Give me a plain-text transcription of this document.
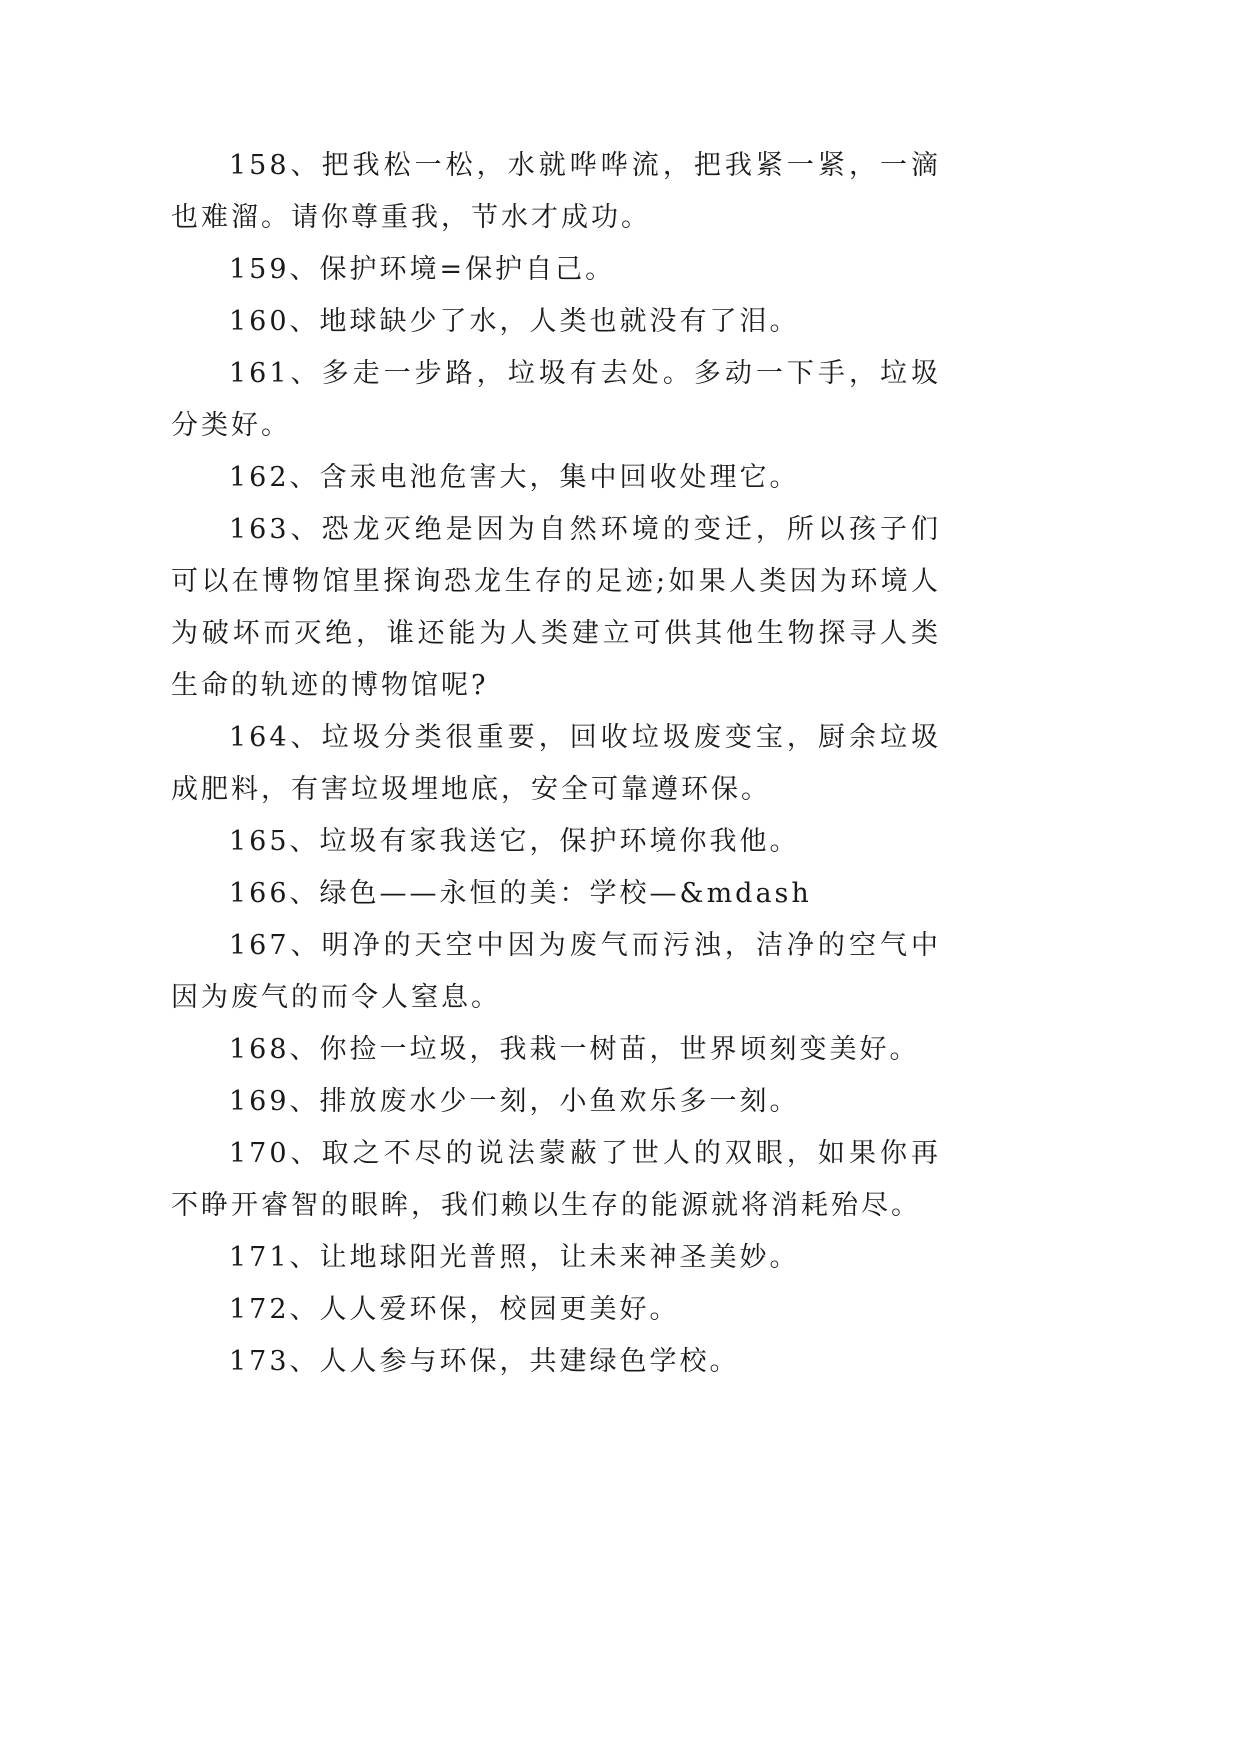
158、把我松一松，水就哗哗流，把我紧一紧，一滴也难溜。请你尊重我，节水才成功。

159、保护环境=保护自己。

160、地球缺少了水，人类也就没有了泪。

161、多走一步路，垃圾有去处。多动一下手，垃圾分类好。

162、含汞电池危害大，集中回收处理它。

163、恐龙灭绝是因为自然环境的变迁，所以孩子们可以在博物馆里探询恐龙生存的足迹;如果人类因为环境人为破坏而灭绝，谁还能为人类建立可供其他生物探寻人类生命的轨迹的博物馆呢?

164、垃圾分类很重要，回收垃圾废变宝，厨余垃圾成肥料，有害垃圾埋地底，安全可靠遵环保。

165、垃圾有家我送它，保护环境你我他。

166、绿色——永恒的美：学校—&mdash

167、明净的天空中因为废气而污浊，洁净的空气中因为废气的而令人窒息。

168、你捡一垃圾，我栽一树苗，世界顷刻变美好。

169、排放废水少一刻，小鱼欢乐多一刻。

170、取之不尽的说法蒙蔽了世人的双眼，如果你再不睁开睿智的眼眸，我们赖以生存的能源就将消耗殆尽。

171、让地球阳光普照，让未来神圣美妙。

172、人人爱环保，校园更美好。

173、人人参与环保，共建绿色学校。
